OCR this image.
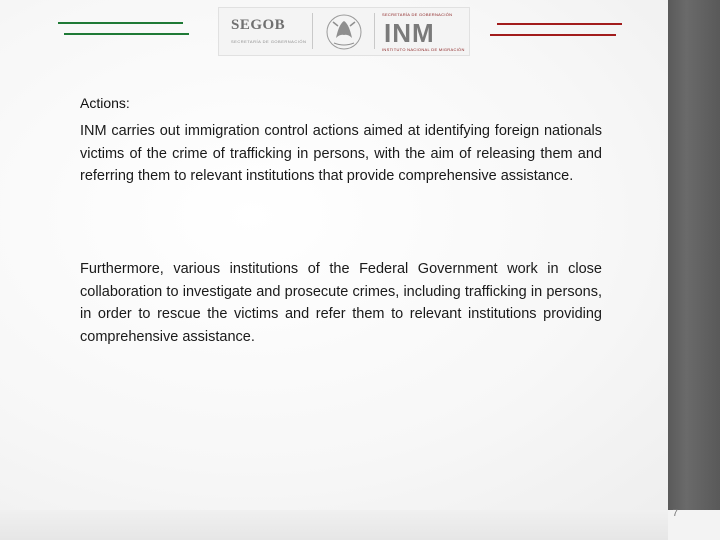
SEGOB
SECRETARÍA DE GOBERNACIÓN
SECRETARÍA DE GOBERNACIÓN
INM
INSTITUTO NACIONAL DE MIGRACIÓN

Actions:

INM carries out immigration control actions aimed at identifying foreign nationals victims of the crime of trafficking in persons, with the aim of releasing them and referring them to relevant institutions that provide comprehensive assistance.

Furthermore, various institutions of the Federal Government work in close collaboration to investigate and prosecute crimes, including trafficking in persons, in order to rescue the victims and refer them to relevant institutions providing comprehensive assistance.

7
